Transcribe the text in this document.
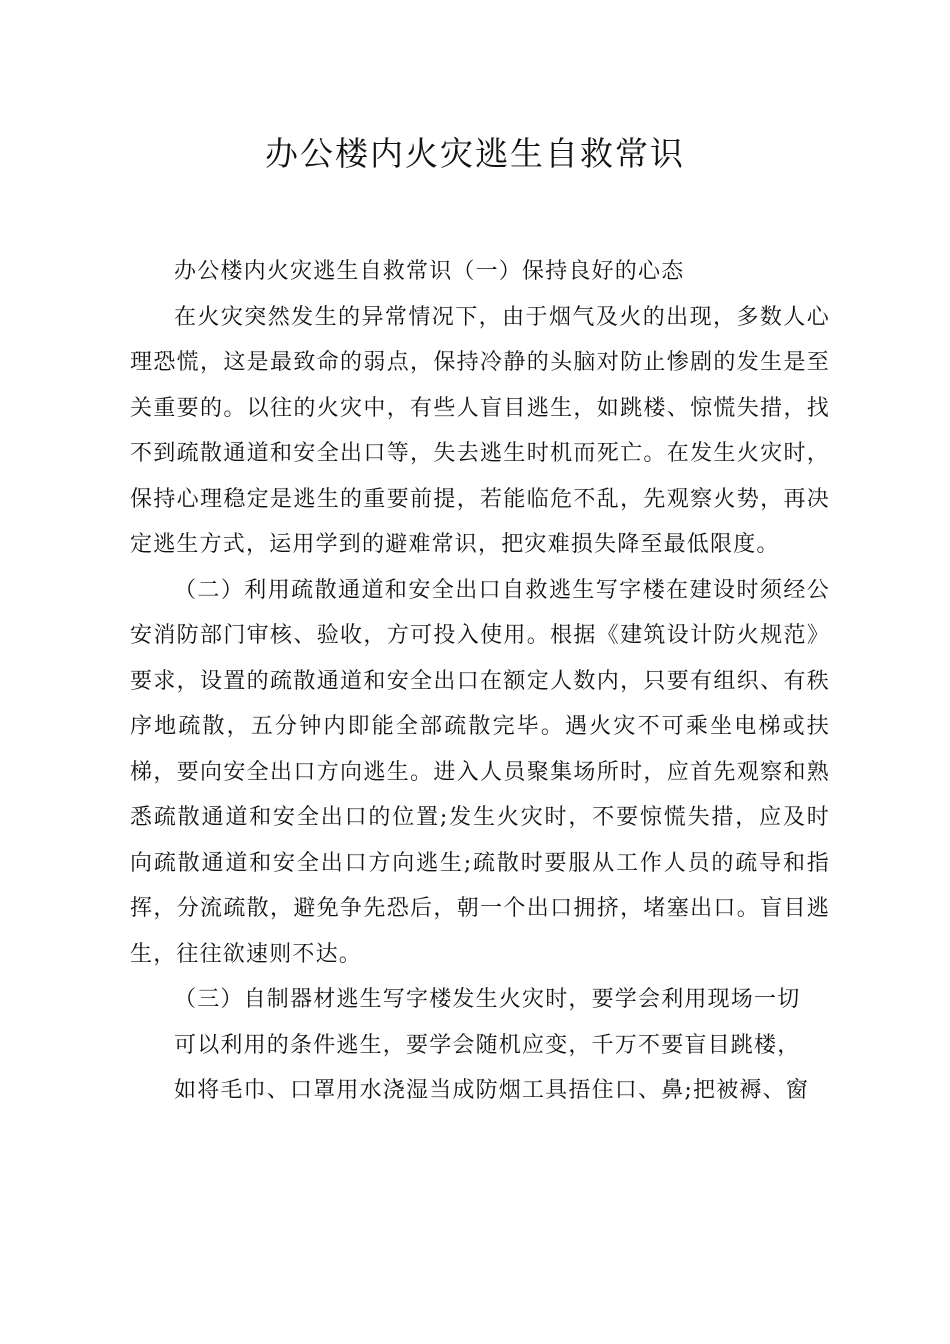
办公楼内火灾逃生自救常识

办公楼内火灾逃生自救常识（一）保持良好的心态

在火灾突然发生的异常情况下，由于烟气及火的出现，多数人心理恐慌，这是最致命的弱点，保持冷静的头脑对防止惨剧的发生是至关重要的。以往的火灾中，有些人盲目逃生，如跳楼、惊慌失措，找不到疏散通道和安全出口等，失去逃生时机而死亡。在发生火灾时，保持心理稳定是逃生的重要前提，若能临危不乱，先观察火势，再决定逃生方式，运用学到的避难常识，把灾难损失降至最低限度。

（二）利用疏散通道和安全出口自救逃生写字楼在建设时须经公安消防部门审核、验收，方可投入使用。根据《建筑设计防火规范》要求，设置的疏散通道和安全出口在额定人数内，只要有组织、有秩序地疏散，五分钟内即能全部疏散完毕。遇火灾不可乘坐电梯或扶梯，要向安全出口方向逃生。进入人员聚集场所时，应首先观察和熟悉疏散通道和安全出口的位置;发生火灾时，不要惊慌失措，应及时向疏散通道和安全出口方向逃生;疏散时要服从工作人员的疏导和指挥，分流疏散，避免争先恐后，朝一个出口拥挤，堵塞出口。盲目逃生，往往欲速则不达。

（三）自制器材逃生写字楼发生火灾时，要学会利用现场一切

可以利用的条件逃生，要学会随机应变，千万不要盲目跳楼，

如将毛巾、口罩用水浇湿当成防烟工具捂住口、鼻;把被褥、窗
